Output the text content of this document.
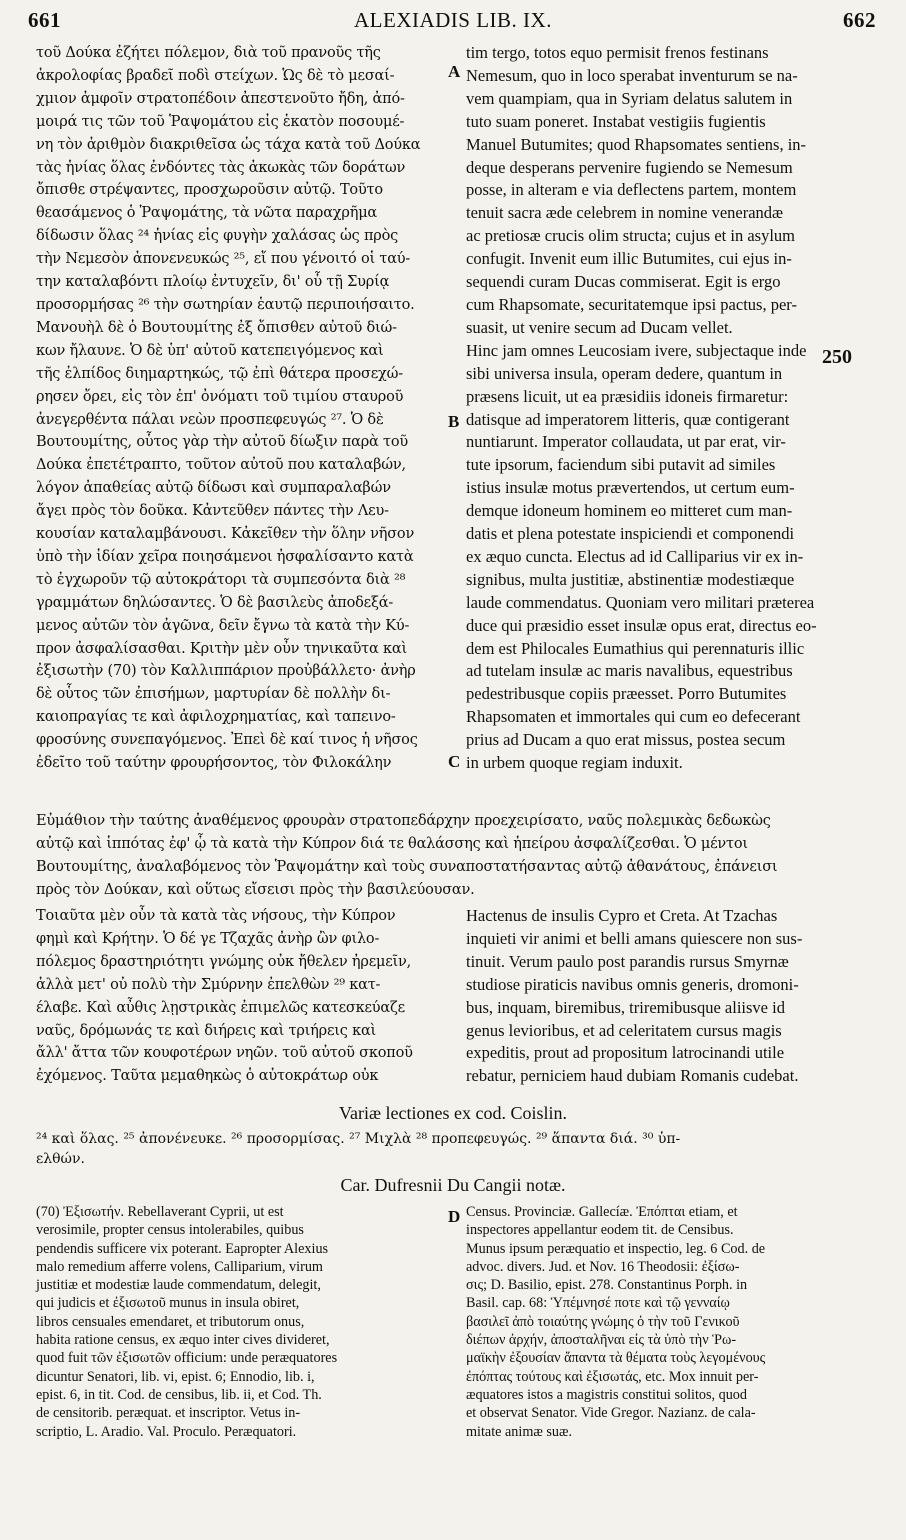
661	ALEXIADIS LIB. IX.	662

τοῦ Δούκα ἐζήτει πόλεμον, διὰ τοῦ πρανοῦς τῆς

ἀκρολοφίας βραδεῖ ποδὶ στείχων. Ὡς δὲ τὸ μεσαί-

χμιον ἀμφοῖν στρατοπέδοιν ἀπεστενοῦτο ἤδη, ἀπό-

μοιρά τις τῶν τοῦ Ῥαψομάτου εἰς ἑκατὸν ποσουμέ-

νη τὸν ἀριθμὸν διακριθεῖσα ὡς τάχα κατὰ τοῦ Δούκα

τὰς ἡνίας ὅλας ἐνδόντες τὰς ἀκωκὰς τῶν δοράτων

ὄπισθε στρέψαντες, προσχωροῦσιν αὐτῷ. Τοῦτο

θεασάμενος ὁ Ῥαψομάτης, τὰ νῶτα παραχρῆμα

δίδωσιν ὅλας ²⁴ ἡνίας εἰς φυγὴν χαλάσας ὡς πρὸς

τὴν Νεμεσὸν ἀπονενευκώς ²⁵, εἴ που γένοιτό οἱ ταύ-

την καταλαβόντι πλοίῳ ἐντυχεῖν, δι' οὗ τῇ Συρίᾳ

προσορμήσας ²⁶ τὴν σωτηρίαν ἑαυτῷ περιποιήσαιτο.

Μανουὴλ δὲ ὁ Βουτουμίτης ἐξ ὄπισθεν αὐτοῦ διώ-

κων ἤλαυνε. Ὁ δὲ ὑπ' αὐτοῦ κατεπειγόμενος καὶ

τῆς ἐλπίδος διημαρτηκώς, τῷ ἐπὶ θάτερα προσεχώ-

ρησεν ὄρει, εἰς τὸν ἐπ' ὀνόματι τοῦ τιμίου σταυροῦ

ἀνεγερθέντα πάλαι νεὼν προσπεφευγώς ²⁷. Ὁ δὲ

Βουτουμίτης, οὗτος γὰρ τὴν αὐτοῦ δίωξιν παρὰ τοῦ

Δούκα ἐπετέτραπτο, τοῦτον αὐτοῦ που καταλαβών,

λόγον ἀπαθείας αὐτῷ δίδωσι καὶ συμπαραλαβών

ἄγει πρὸς τὸν δοῦκα. Κἀντεῦθεν πάντες τὴν Λευ-

κουσίαν καταλαμβάνουσι. Κἀκεῖθεν τὴν ὅλην νῆσον

ὑπὸ τὴν ἰδίαν χεῖρα ποιησάμενοι ἠσφαλίσαντο κατὰ

τὸ ἐγχωροῦν τῷ αὐτοκράτορι τὰ συμπεσόντα διὰ ²⁸

γραμμάτων δηλώσαντες. Ὁ δὲ βασιλεὺς ἀποδεξά-

μενος αὐτῶν τὸν ἀγῶνα, δεῖν ἔγνω τὰ κατὰ τὴν Κύ-

προν ἀσφαλίσασθαι. Κριτὴν μὲν οὖν τηνικαῦτα καὶ

ἐξισωτὴν (70) τὸν Καλλιππάριον προὐβάλλετο· ἀνὴρ

δὲ οὗτος τῶν ἐπισήμων, μαρτυρίαν δὲ πολλὴν δι-

καιοπραγίας τε καὶ ἀφιλοχρηματίας, καὶ ταπεινο-

φροσύνης συνεπαγόμενος. Ἐπεὶ δὲ καί τινος ἡ νῆσος

ἐδεῖτο τοῦ ταύτην φρουρήσοντος, τὸν Φιλοκάλην

tim tergo, totos equo permisit frenos festinans

Nemesum, quo in loco sperabat inventurum se na-

vem quampiam, qua in Syriam delatus salutem in

tuto suam poneret. Instabat vestigiis fugientis

Manuel Butumites; quod Rhapsomates sentiens, in-

deque desperans pervenire fugiendo se Nemesum

posse, in alteram e via deflectens partem, montem

tenuit sacra æde celebrem in nomine venerandæ

ac pretiosæ crucis olim structa; cujus et in asylum

confugit. Invenit eum illic Butumites, cui ejus in-

sequendi curam Ducas commiserat. Egit is ergo

cum Rhapsomate, securitatemque ipsi pactus, per-

suasit, ut venire secum ad Ducam vellet.

Hinc jam omnes Leucosiam ivere, subjectaque inde

sibi universa insula, operam dedere, quantum in

præsens licuit, ut ea præsidiis idoneis firmaretur:

datisque ad imperatorem litteris, quæ contigerant

nuntiarunt. Imperator collaudata, ut par erat, vir-

tute ipsorum, faciendum sibi putavit ad similes

istius insulæ motus prævertendos, ut certum eum-

demque idoneum hominem eo mitteret cum man-

datis et plena potestate inspiciendi et componendi

ex æquo cuncta. Electus ad id Calliparius vir ex in-

signibus, multa justitiæ, abstinentiæ modestiæque

laude commendatus. Quoniam vero militari præterea

duce qui præsidio esset insulæ opus erat, directus eo-

dem est Philocales Eumathius qui perennaturis illic

ad tutelam insulæ ac maris navalibus, equestribus

pedestribusque copiis præesset. Porro Butumites

Rhapsomaten et immortales qui cum eo defecerant

prius ad Ducam a quo erat missus, postea secum

in urbem quoque regiam induxit.

A
B
C
D
250

Εὐμάθιον τὴν ταύτης ἀναθέμενος φρουρὰν στρατοπεδάρχην προεχειρίσατο, ναῦς πολεμικὰς δεδωκὼς

αὐτῷ καὶ ἱππότας ἐφ' ᾧ τὰ κατὰ τὴν Κύπρον διά τε θαλάσσης καὶ ἠπείρου ἀσφαλίζεσθαι. Ὁ μέντοι

Βουτουμίτης, ἀναλαβόμενος τὸν Ῥαψομάτην καὶ τοὺς συναποστατήσαντας αὐτῷ ἀθανάτους, ἐπάνεισι

πρὸς τὸν Δούκαν, καὶ οὕτως εἴσεισι πρὸς τὴν βασιλεύουσαν.

Τοιαῦτα μὲν οὖν τὰ κατὰ τὰς νήσους, τὴν Κύπρον

φημὶ καὶ Κρήτην. Ὁ δέ γε Τζαχᾶς ἀνὴρ ὢν φιλο-

πόλεμος δραστηριότητι γνώμης οὐκ ἤθελεν ἠρεμεῖν,

ἀλλὰ μετ' οὐ πολὺ τὴν Σμύρνην ἐπελθὼν ²⁹ κατ-

έλαβε. Καὶ αὖθις λῃστρικὰς ἐπιμελῶς κατεσκεύαζε

ναῦς, δρόμωνάς τε καὶ διήρεις καὶ τριήρεις καὶ

ἄλλ' ἄττα τῶν κουφοτέρων νηῶν. τοῦ αὐτοῦ σκοποῦ

ἐχόμενος. Ταῦτα μεμαθηκὼς ὁ αὐτοκράτωρ οὐκ

Hactenus de insulis Cypro et Creta. At Tzachas

inquieti vir animi et belli amans quiescere non sus-

tinuit. Verum paulo post parandis rursus Smyrnæ

studiose piraticis navibus omnis generis, dromoni-

bus, inquam, biremibus, triremibusque aliisve id

genus levioribus, et ad celeritatem cursus magis

expeditis, prout ad propositum latrocinandi utile

rebatur, perniciem haud dubiam Romanis cudebat.

Variæ lectiones ex cod. Coislin.
²⁴ καὶ ὅλας. ²⁵ ἀπονένευκε. ²⁶ προσορμίσας. ²⁷ Μιχλὰ ²⁸ προπεφευγώς. ²⁹ ἅπαντα διά. ³⁰ ὑπ-
ελθών.
Car. Dufresnii Du Cangii notæ.

(70) Ἐξισωτήν. Rebellaverant Cyprii, ut est

verosimile, propter census intolerabiles, quibus

pendendis sufficere vix poterant. Eapropter Alexius

malo remedium afferre volens, Calliparium, virum

justitiæ et modestiæ laude commendatum, delegit,

qui judicis et ἐξισωτοῦ munus in insula obiret,

libros censuales emendaret, et tributorum onus,

habita ratione census, ex æquo inter cives divideret,

quod fuit τῶν ἐξισωτῶν officium: unde peræquatores

dicuntur Senatori, lib. vi, epist. 6; Ennodio, lib. i,

epist. 6, in tit. Cod. de censibus, lib. ii, et Cod. Th.

de censitorib. peræquat. et inscriptor. Vetus in-

scriptio, L. Aradio. Val. Proculo. Peræquatori.

Census. Provinciæ. Gallecíæ. Ἐπόπται etiam, et

inspectores appellantur eodem tit. de Censibus.

Munus ipsum peræquatio et inspectio, leg. 6 Cod. de

advoc. divers. Jud. et Nov. 16 Theodosii: ἐξίσω-

σις; D. Basilio, epist. 278. Constantinus Porph. in

Basil. cap. 68: Ὑπέμνησέ ποτε καὶ τῷ γενναίῳ

βασιλεῖ ἀπὸ τοιαύτης γνώμης ὁ τὴν τοῦ Γενικοῦ

διέπων ἀρχήν, ἀποσταλῆναι εἰς τὰ ὑπὸ τὴν Ῥω-

μαϊκὴν ἐξουσίαν ἅπαντα τὰ θέματα τοὺς λεγομένους

ἐπόπτας τούτους καὶ ἐξισωτάς, etc. Mox innuit per-

æquatores istos a magistris constitui solitos, quod

et observat Senator. Vide Gregor. Nazianz. de cala-

mitate animæ suæ.
